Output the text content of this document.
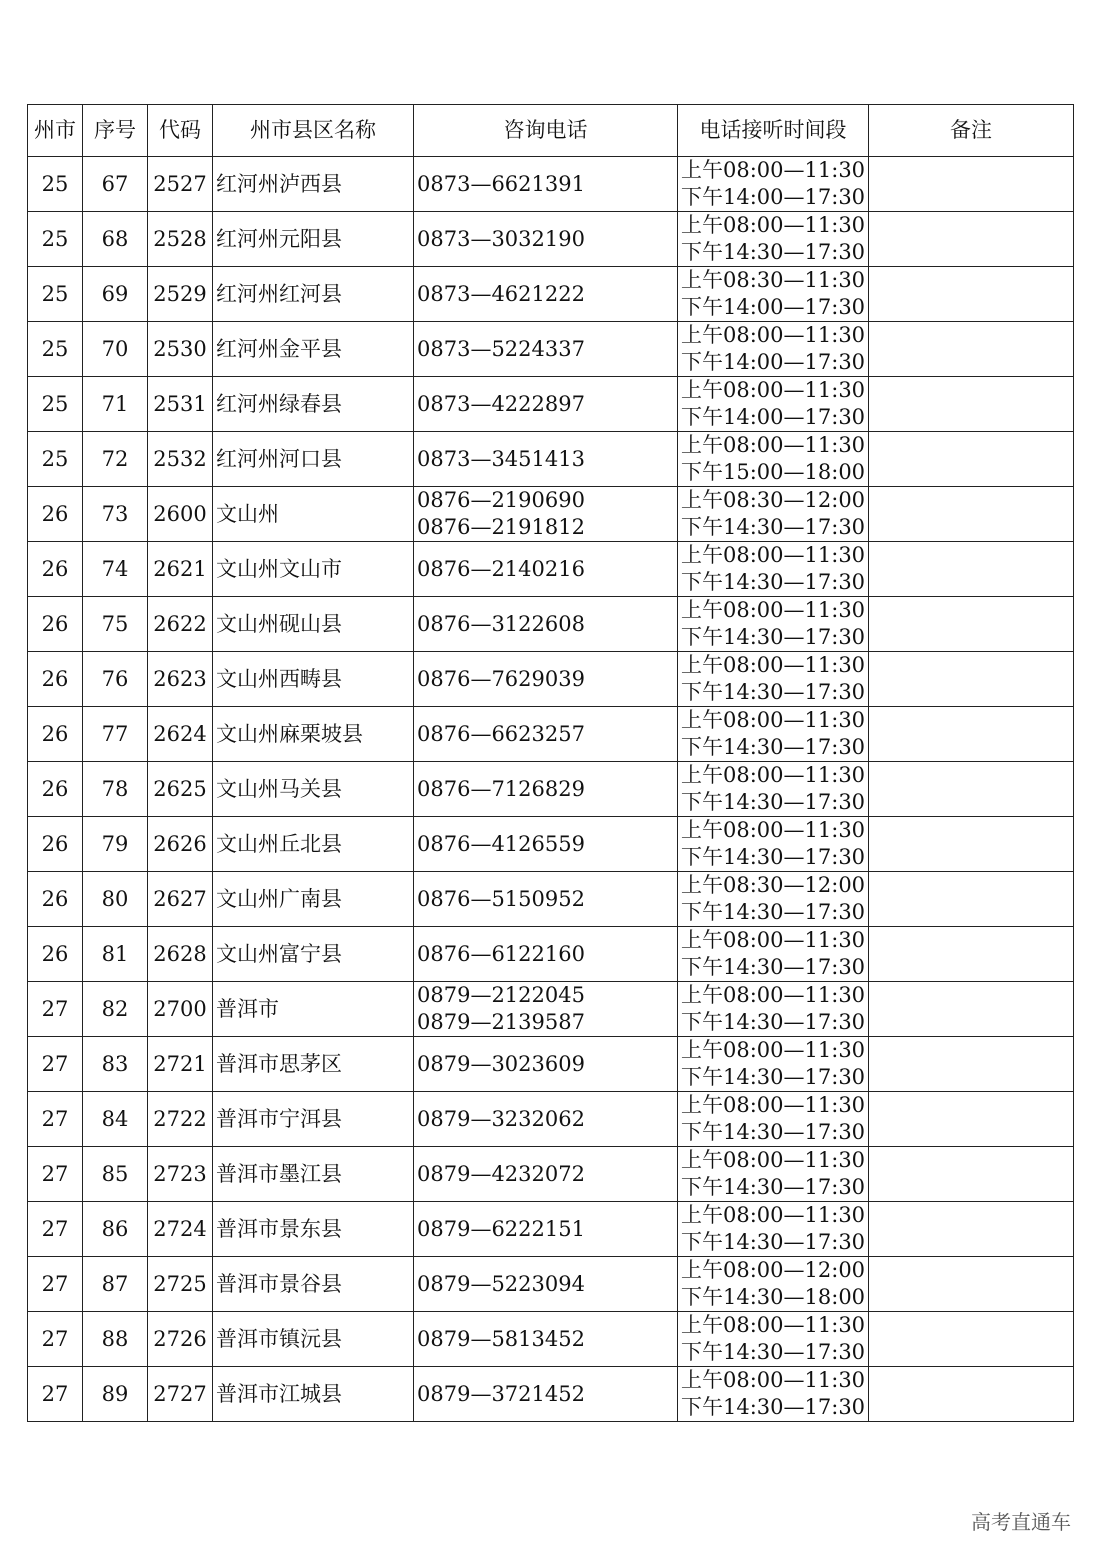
州市	序号	代码	州市县区名称	咨询电话	电话接听时间段	备注
25	67	2527	红河州泸西县	0873—6621391	上午08:00—11:30
下午14:00—17:30	

25	68	2528	红河州元阳县	0873—3032190	上午08:00—11:30
下午14:30—17:30	

25	69	2529	红河州红河县	0873—4621222	上午08:30—11:30
下午14:00—17:30	

25	70	2530	红河州金平县	0873—5224337	上午08:00—11:30
下午14:00—17:30	

25	71	2531	红河州绿春县	0873—4222897	上午08:00—11:30
下午14:00—17:30	

25	72	2532	红河州河口县	0873—3451413	上午08:00—11:30
下午15:00—18:00	

26	73	2600	文山州	0876—2190690
0876—2191812	上午08:30—12:00
下午14:30—17:30	

26	74	2621	文山州文山市	0876—2140216	上午08:00—11:30
下午14:30—17:30	

26	75	2622	文山州砚山县	0876—3122608	上午08:00—11:30
下午14:30—17:30	

26	76	2623	文山州西畴县	0876—7629039	上午08:00—11:30
下午14:30—17:30	

26	77	2624	文山州麻栗坡县	0876—6623257	上午08:00—11:30
下午14:30—17:30	

26	78	2625	文山州马关县	0876—7126829	上午08:00—11:30
下午14:30—17:30	

26	79	2626	文山州丘北县	0876—4126559	上午08:00—11:30
下午14:30—17:30	

26	80	2627	文山州广南县	0876—5150952	上午08:30—12:00
下午14:30—17:30	

26	81	2628	文山州富宁县	0876—6122160	上午08:00—11:30
下午14:30—17:30	

27	82	2700	普洱市	0879—2122045
0879—2139587	上午08:00—11:30
下午14:30—17:30	

27	83	2721	普洱市思茅区	0879—3023609	上午08:00—11:30
下午14:30—17:30	

27	84	2722	普洱市宁洱县	0879—3232062	上午08:00—11:30
下午14:30—17:30	

27	85	2723	普洱市墨江县	0879—4232072	上午08:00—11:30
下午14:30—17:30	

27	86	2724	普洱市景东县	0879—6222151	上午08:00—11:30
下午14:30—17:30	

27	87	2725	普洱市景谷县	0879—5223094	上午08:00—12:00
下午14:30—18:00	

27	88	2726	普洱市镇沅县	0879—5813452	上午08:00—11:30
下午14:30—17:30	

27	89	2727	普洱市江城县	0879—3721452	上午08:00—11:30
下午14:30—17:30	

高考直通车
